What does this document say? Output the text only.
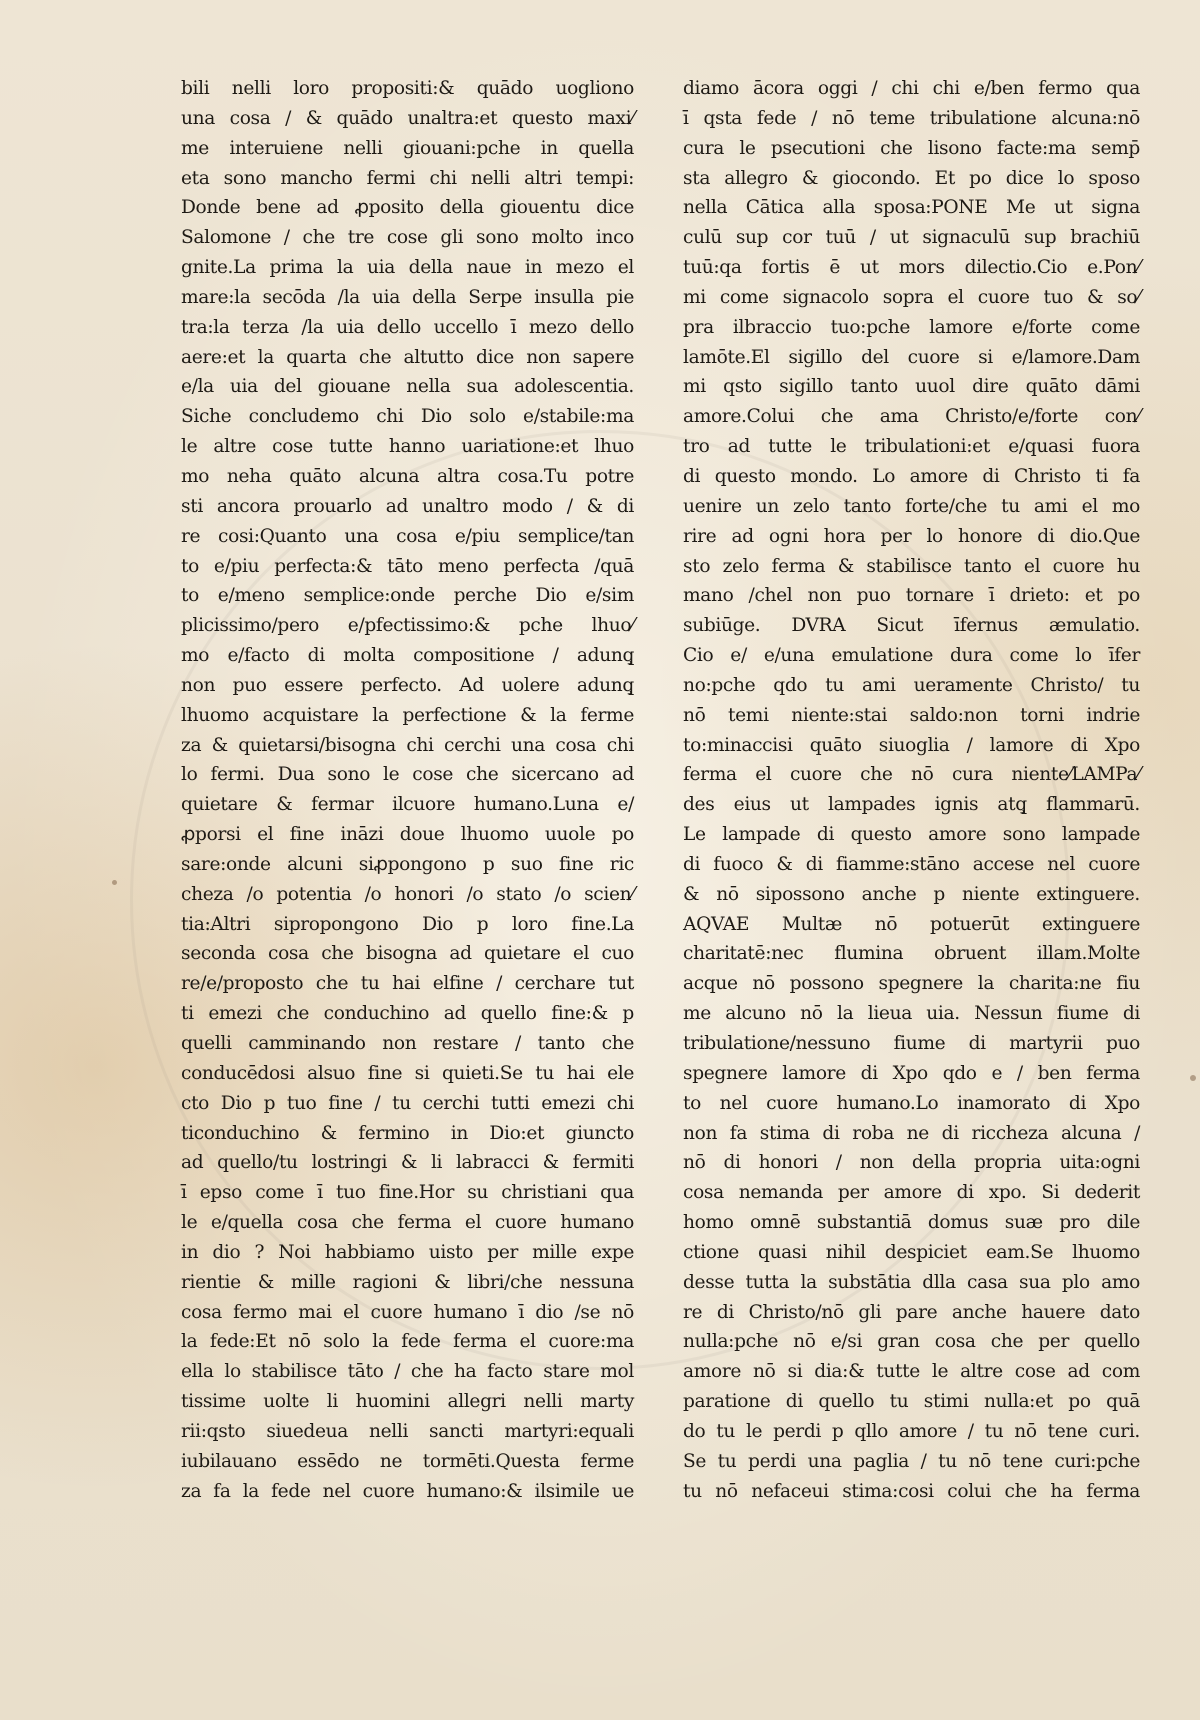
bili nelli loro propositi:& quādo uogliono
una cosa / & quādo unaltra:et questo maxi⁄
me interuiene nelli giouani:pche in quella
eta sono mancho fermi chi nelli altri tempi:
Donde bene ad ꝓposito della giouentu dice
Salomone / che tre cose gli sono molto inco
gnite.La prima la uia della naue in mezo el
mare:la secōda /la uia della Serpe insulla pie
tra:la terza /la uia dello uccello ī mezo dello
aere:et la quarta che altutto dice non sapere
e/la uia del giouane nella sua adolescentia.
Siche concludemo chi Dio solo e/stabile:ma
le altre cose tutte hanno uariatione:et lhuo
mo neha quāto alcuna altra cosa.Tu potre
sti ancora prouarlo ad unaltro modo / & di
re cosi:Quanto una cosa e/piu semplice/tan
to e/piu perfecta:& tāto meno perfecta /quā
to e/meno semplice:onde perche Dio e/sim
plicissimo/pero e/pfectissimo:& pche lhuo⁄
mo e/facto di molta compositione / adunq̧
non puo essere perfecto. Ad uolere adunq̧
lhuomo acquistare la perfectione & la ferme
za & quietarsi/bisogna chi cerchi una cosa chi
lo fermi. Dua sono le cose che sicercano ad
quietare & fermar ilcuore humano.Luna e/
ꝓporsi el fine ināzi doue lhuomo uuole po
sare:onde alcuni siꝓpongono p suo fine ric
cheza /o potentia /o honori /o stato /o scien⁄
tia:Altri sipropongono Dio p loro fine.La
seconda cosa che bisogna ad quietare el cuo
re/e/proposto che tu hai elfine / cerchare tut
ti emezi che conduchino ad quello fine:& p
quelli camminando non restare / tanto che
conducēdosi alsuo fine si quieti.Se tu hai ele
cto Dio p tuo fine / tu cerchi tutti emezi chi
ticonduchino & fermino in Dio:et giuncto
ad quello/tu lostringi & li labracci & fermiti
ī epso come ī tuo fine.Hor su christiani qua
le e/quella cosa che ferma el cuore humano
in dio ? Noi habbiamo uisto per mille expe
rientie & mille ragioni & libri/che nessuna
cosa fermo mai el cuore humano ī dio /se nō
la fede:Et nō solo la fede ferma el cuore:ma
ella lo stabilisce tāto / che ha facto stare mol
tissime uolte li huomini allegri nelli marty
rii:qsto siuedeua nelli sancti martyri:equali
iubilauano essēdo ne tormēti.Questa ferme
za fa la fede nel cuore humano:& ilsimile ue
diamo ācora oggi / chi chi e/ben fermo qua
ī qsta fede / nō teme tribulatione alcuna:nō
cura le psecutioni che lisono facte:ma semp̄
sta allegro & giocondo. Et po dice lo sposo
nella Cātica alla sposa:PONE Me ut signa
culū sup cor tuū / ut signaculū sup brachiū
tuū:qa fortis ē ut mors dilectio.Cio e.Pon⁄
mi come signacolo sopra el cuore tuo & so⁄
pra ilbraccio tuo:pche lamore e/forte come
lamōte.El sigillo del cuore si e/lamore.Dam
mi qsto sigillo tanto uuol dire quāto dāmi
amore.Colui che ama Christo/e/forte con⁄
tro ad tutte le tribulationi:et e/quasi fuora
di questo mondo. Lo amore di Christo ti fa
uenire un zelo tanto forte/che tu ami el mo
rire ad ogni hora per lo honore di dio.Que
sto zelo ferma & stabilisce tanto el cuore hu
mano /chel non puo tornare ī drieto: et po
subiūge. DVRA Sicut īfernus æmulatio.
Cio e/ e/una emulatione dura come lo īfer
no:pche qdo tu ami ueramente Christo/ tu
nō temi niente:stai saldo:non torni indrie
to:minaccisi quāto siuoglia / lamore di Xpo
ferma el cuore che nō cura niente⁄LAMPa⁄
des eius ut lampades ignis atq̧ flammarū.
Le lampade di questo amore sono lampade
di fuoco & di fiamme:stāno accese nel cuore
& nō sipossono anche p niente extinguere.
AQVAE Multæ nō potuerūt extinguere
charitatē:nec flumina obruent illam.Molte
acque nō possono spegnere la charita:ne fiu
me alcuno nō la lieua uia. Nessun fiume di
tribulatione/nessuno fiume di martyrii puo
spegnere lamore di Xpo qdo e / ben ferma
to nel cuore humano.Lo inamorato di Xpo
non fa stima di roba ne di riccheza alcuna /
nō di honori / non della propria uita:ogni
cosa nemanda per amore di xpo. Si dederit
homo omnē substantiā domus suæ pro dile
ctione quasi nihil despiciet eam.Se lhuomo
desse tutta la substātia dlla casa sua plo amo
re di Christo/nō gli pare anche hauere dato
nulla:pche nō e/si gran cosa che per quello
amore nō si dia:& tutte le altre cose ad com
paratione di quello tu stimi nulla:et po quā
do tu le perdi p qllo amore / tu nō tene curi.
Se tu perdi una paglia / tu nō tene curi:pche
tu nō nefaceui stima:cosi colui che ha ferma
